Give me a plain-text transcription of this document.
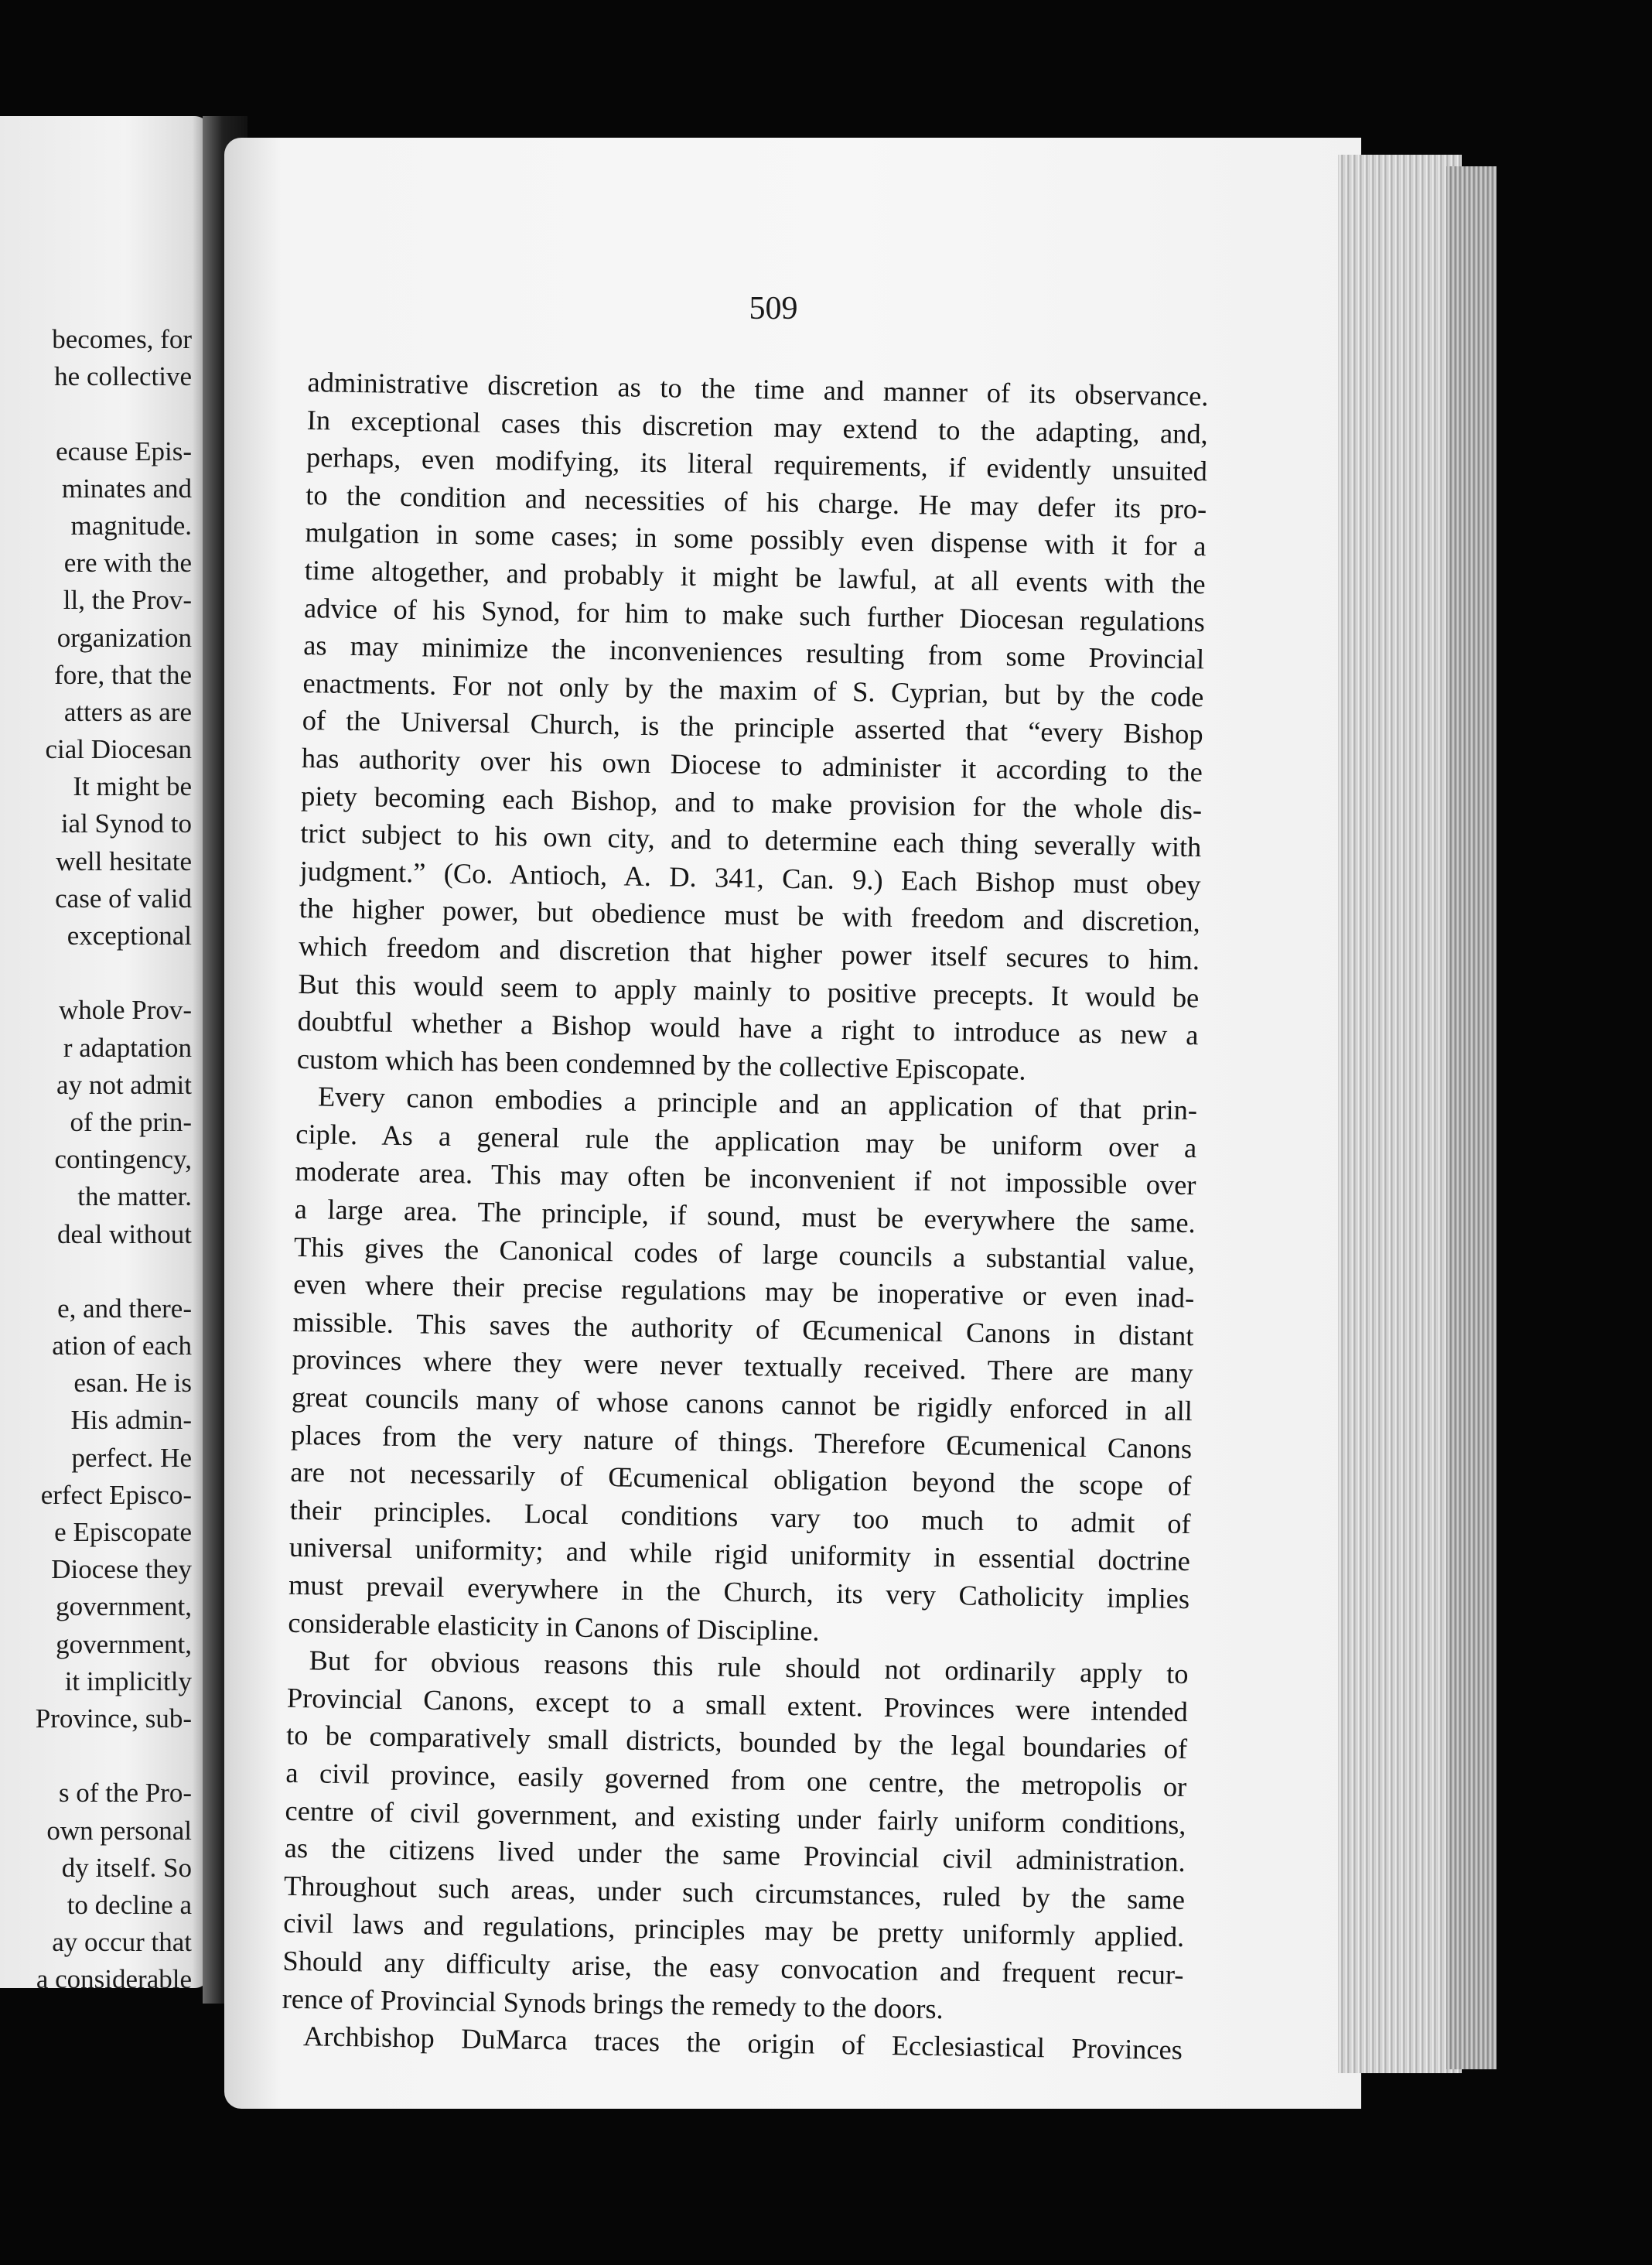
becomes, for
he collective
ecause Epis-
minates and
magnitude.
ere with the
ll, the Prov-
organization
fore, that the
atters as are
cial Diocesan
It might be
ial Synod to
well hesitate
case of valid
exceptional
whole Prov-
r adaptation
ay not admit
of the prin-
contingency,
the matter.
deal without
e, and there-
ation of each
esan. He is
His admin-
perfect. He
erfect Episco-
e Episcopate
Diocese they
government,
government,
it implicitly
Province, sub-
s of the Pro-
own personal
dy itself. So
to decline a
ay occur that
a considerable
509
administrative discretion as to the time and manner of its observance.
In exceptional cases this discretion may extend to the adapting, and,
perhaps, even modifying, its literal requirements, if evidently unsuited
to the condition and necessities of his charge. He may defer its pro-
mulgation in some cases; in some possibly even dispense with it for a
time altogether, and probably it might be lawful, at all events with the
advice of his Synod, for him to make such further Diocesan regulations
as may minimize the inconveniences resulting from some Provincial
enactments. For not only by the maxim of S. Cyprian, but by the code
of the Universal Church, is the principle asserted that “every Bishop
has authority over his own Diocese to administer it according to the
piety becoming each Bishop, and to make provision for the whole dis-
trict subject to his own city, and to determine each thing severally with
judgment.” (Co. Antioch, A. D. 341, Can. 9.) Each Bishop must obey
the higher power, but obedience must be with freedom and discretion,
which freedom and discretion that higher power itself secures to him.
But this would seem to apply mainly to positive precepts. It would be
doubtful whether a Bishop would have a right to introduce as new a
custom which has been condemned by the collective Episcopate.
Every canon embodies a principle and an application of that prin-
ciple. As a general rule the application may be uniform over a
moderate area. This may often be inconvenient if not impossible over
a large area. The principle, if sound, must be everywhere the same.
This gives the Canonical codes of large councils a substantial value,
even where their precise regulations may be inoperative or even inad-
missible. This saves the authority of Œcumenical Canons in distant
provinces where they were never textually received. There are many
great councils many of whose canons cannot be rigidly enforced in all
places from the very nature of things. Therefore Œcumenical Canons
are not necessarily of Œcumenical obligation beyond the scope of
their principles. Local conditions vary too much to admit of
universal uniformity; and while rigid uniformity in essential doctrine
must prevail everywhere in the Church, its very Catholicity implies
considerable elasticity in Canons of Discipline.
But for obvious reasons this rule should not ordinarily apply to
Provincial Canons, except to a small extent. Provinces were intended
to be comparatively small districts, bounded by the legal boundaries of
a civil province, easily governed from one centre, the metropolis or
centre of civil government, and existing under fairly uniform conditions,
as the citizens lived under the same Provincial civil administration.
Throughout such areas, under such circumstances, ruled by the same
civil laws and regulations, principles may be pretty uniformly applied.
Should any difficulty arise, the easy convocation and frequent recur-
rence of Provincial Synods brings the remedy to the doors.
Archbishop DuMarca traces the origin of Ecclesiastical Provinces
